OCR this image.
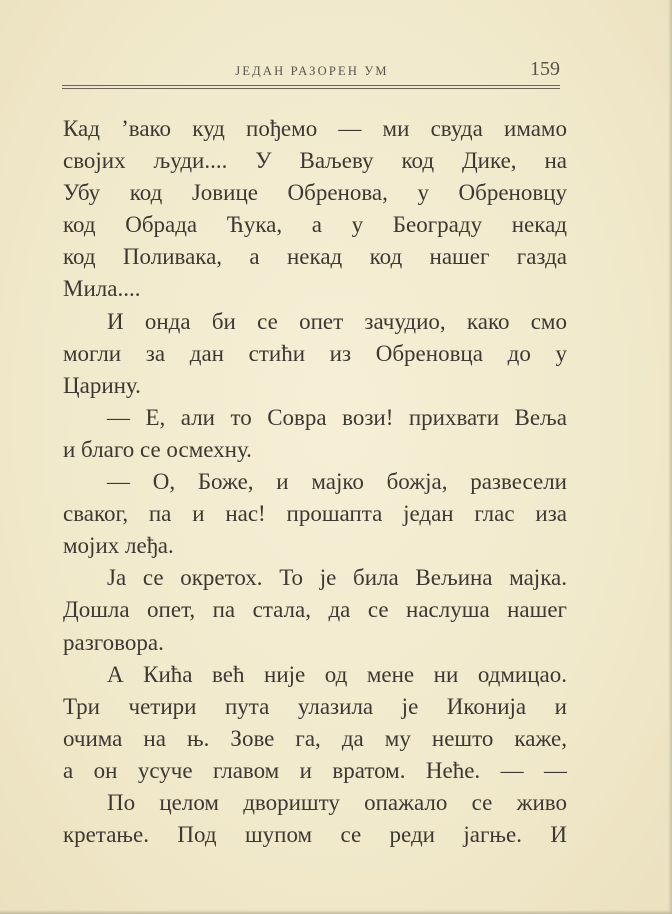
ЈЕДАН РАЗОРЕН УМ	159
Кад ’вако куд пођемо — ми свуда имамо
својих људи.... У Ваљеву код Дике, на
Убу код Јовице Обренова, у Обреновцу
код Обрада Ћука, а у Београду некад
код Поливака, а некад код нашег газда
Мила....
И онда би се опет зачудио, како смо
могли за дан стићи из Обреновца до у
Царину.
— Е, али то Совра вози! прихвати Веља
и благо се осмехну.
— О, Боже, и мајко божја, развесели
сваког, па и нас! прошапта један глас иза
мојих леђа.
Ја се окретох. То је била Вељина мајка.
Дошла опет, па стала, да се наслуша нашег
разговора.
А Кића већ није од мене ни одмицао.
Три четири пута улазила је Иконија и
очима на њ. Зове га, да му нешто каже,
а он усуче главом и вратом. Неће. — —
По целом дворишту опажало се живо
кретање. Под шупом се реди јагње. И
